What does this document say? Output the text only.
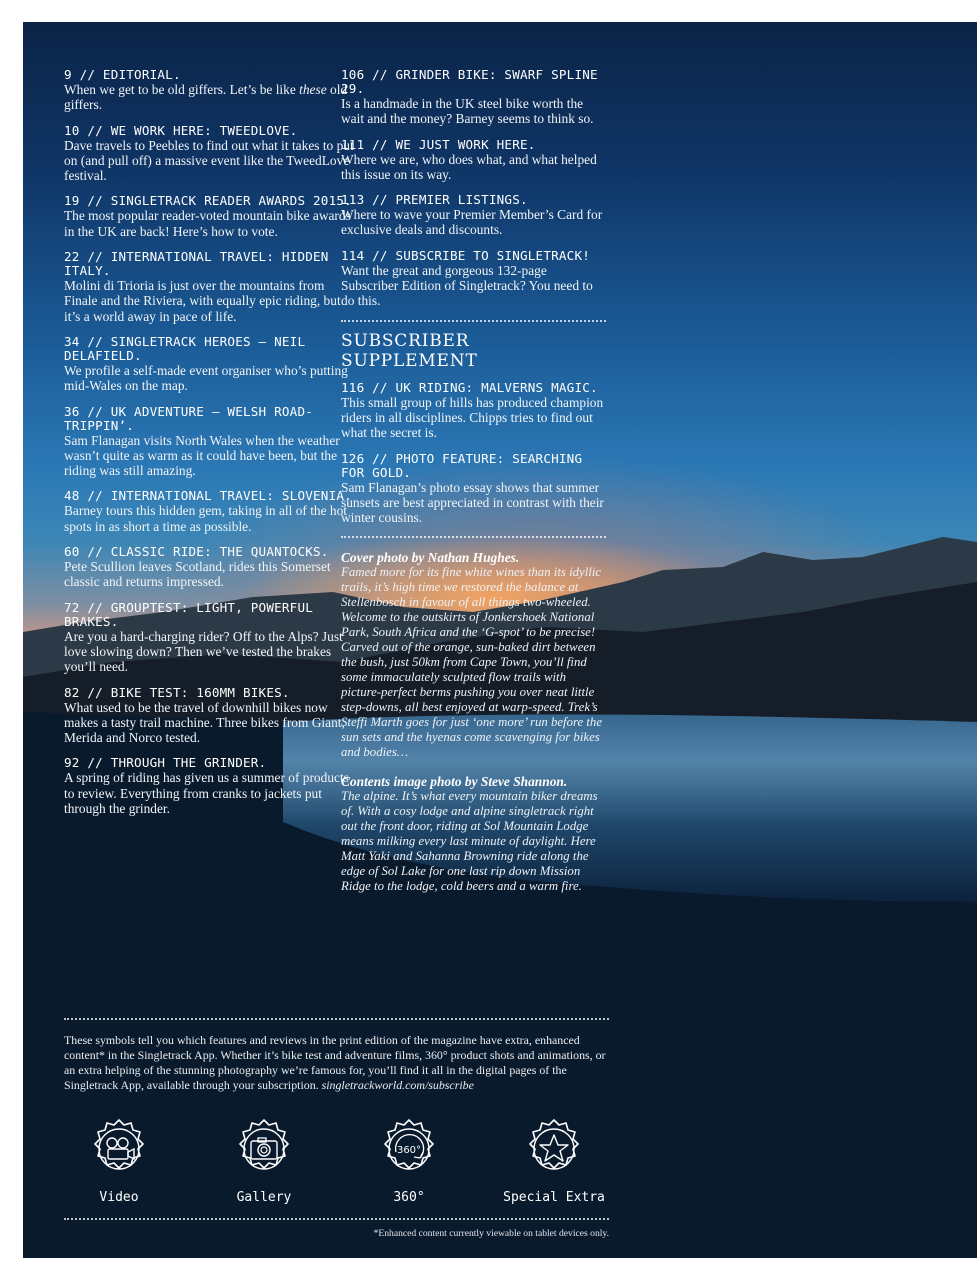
9 // EDITORIAL.
When we get to be old giffers. Let’s be like these old giffers.
10 // WE WORK HERE: TWEEDLOVE.
Dave travels to Peebles to find out what it takes to put on (and pull off) a massive event like the TweedLove festival.
19 // SINGLETRACK READER AWARDS 2015.
The most popular reader-voted mountain bike awards in the UK are back! Here’s how to vote.
22 // INTERNATIONAL TRAVEL: HIDDEN ITALY.
Molini di Trioria is just over the mountains from Finale and the Riviera, with equally epic riding, but it’s a world away in pace of life.
34 // SINGLETRACK HEROES – NEIL DELAFIELD.
We profile a self-made event organiser who’s putting mid-Wales on the map.
36 // UK ADVENTURE – WELSH ROAD-TRIPPIN’.
Sam Flanagan visits North Wales when the weather wasn’t quite as warm as it could have been, but the riding was still amazing.
48 // INTERNATIONAL TRAVEL: SLOVENIA.
Barney tours this hidden gem, taking in all of the hot spots in as short a time as possible.
60 // CLASSIC RIDE: THE QUANTOCKS.
Pete Scullion leaves Scotland, rides this Somerset classic and returns impressed.
72 // GROUPTEST: LIGHT, POWERFUL BRAKES.
Are you a hard-charging rider? Off to the Alps? Just love slowing down? Then we’ve tested the brakes you’ll need.
82 // BIKE TEST: 160MM BIKES.
What used to be the travel of downhill bikes now makes a tasty trail machine. Three bikes from Giant, Merida and Norco tested.
92 // THROUGH THE GRINDER.
A spring of riding has given us a summer of products to review. Everything from cranks to jackets put through the grinder.
106 // GRINDER BIKE: SWARF SPLINE 29.
Is a handmade in the UK steel bike worth the wait and the money? Barney seems to think so.
111 // WE JUST WORK HERE.
Where we are, who does what, and what helped this issue on its way.
113 // PREMIER LISTINGS.
Where to wave your Premier Member’s Card for exclusive deals and discounts.
114 // SUBSCRIBE TO SINGLETRACK!
Want the great and gorgeous 132-page Subscriber Edition of Singletrack? You need to do this.
SUBSCRIBER SUPPLEMENT
116 // UK RIDING: MALVERNS MAGIC.
This small group of hills has produced champion riders in all disciplines. Chipps tries to find out what the secret is.
126 // PHOTO FEATURE: SEARCHING FOR GOLD.
Sam Flanagan’s photo essay shows that summer sunsets are best appreciated in contrast with their winter cousins.
Cover photo by Nathan Hughes.
Famed more for its fine white wines than its idyllic trails, it’s high time we restored the balance at Stellenbosch in favour of all things two-wheeled. Welcome to the outskirts of Jonkershoek National Park, South Africa and the ‘G-spot’ to be precise! Carved out of the orange, sun-baked dirt between the bush, just 50km from Cape Town, you’ll find some immaculately sculpted flow trails with picture-perfect berms pushing you over neat little step-downs, all best enjoyed at warp-speed. Trek’s Steffi Marth goes for just ‘one more’ run before the sun sets and the hyenas come scavenging for bikes and bodies…
Contents image photo by Steve Shannon.
The alpine. It’s what every mountain biker dreams of. With a cosy lodge and alpine singletrack right out the front door, riding at Sol Mountain Lodge means milking every last minute of daylight. Here Matt Yaki and Sahanna Browning ride along the edge of Sol Lake for one last rip down Mission Ridge to the lodge, cold beers and a warm fire.
These symbols tell you which features and reviews in the print edition of the magazine have extra, enhanced content* in the Singletrack App. Whether it’s bike test and adventure films, 360° product shots and animations, or an extra helping of the stunning photography we’re famous for, you’ll find it all in the digital pages of the Singletrack App, available through your subscription. singletrackworld.com/subscribe
Video	Gallery
360°
360°	Special Extra
*Enhanced content currently viewable on tablet devices only.
